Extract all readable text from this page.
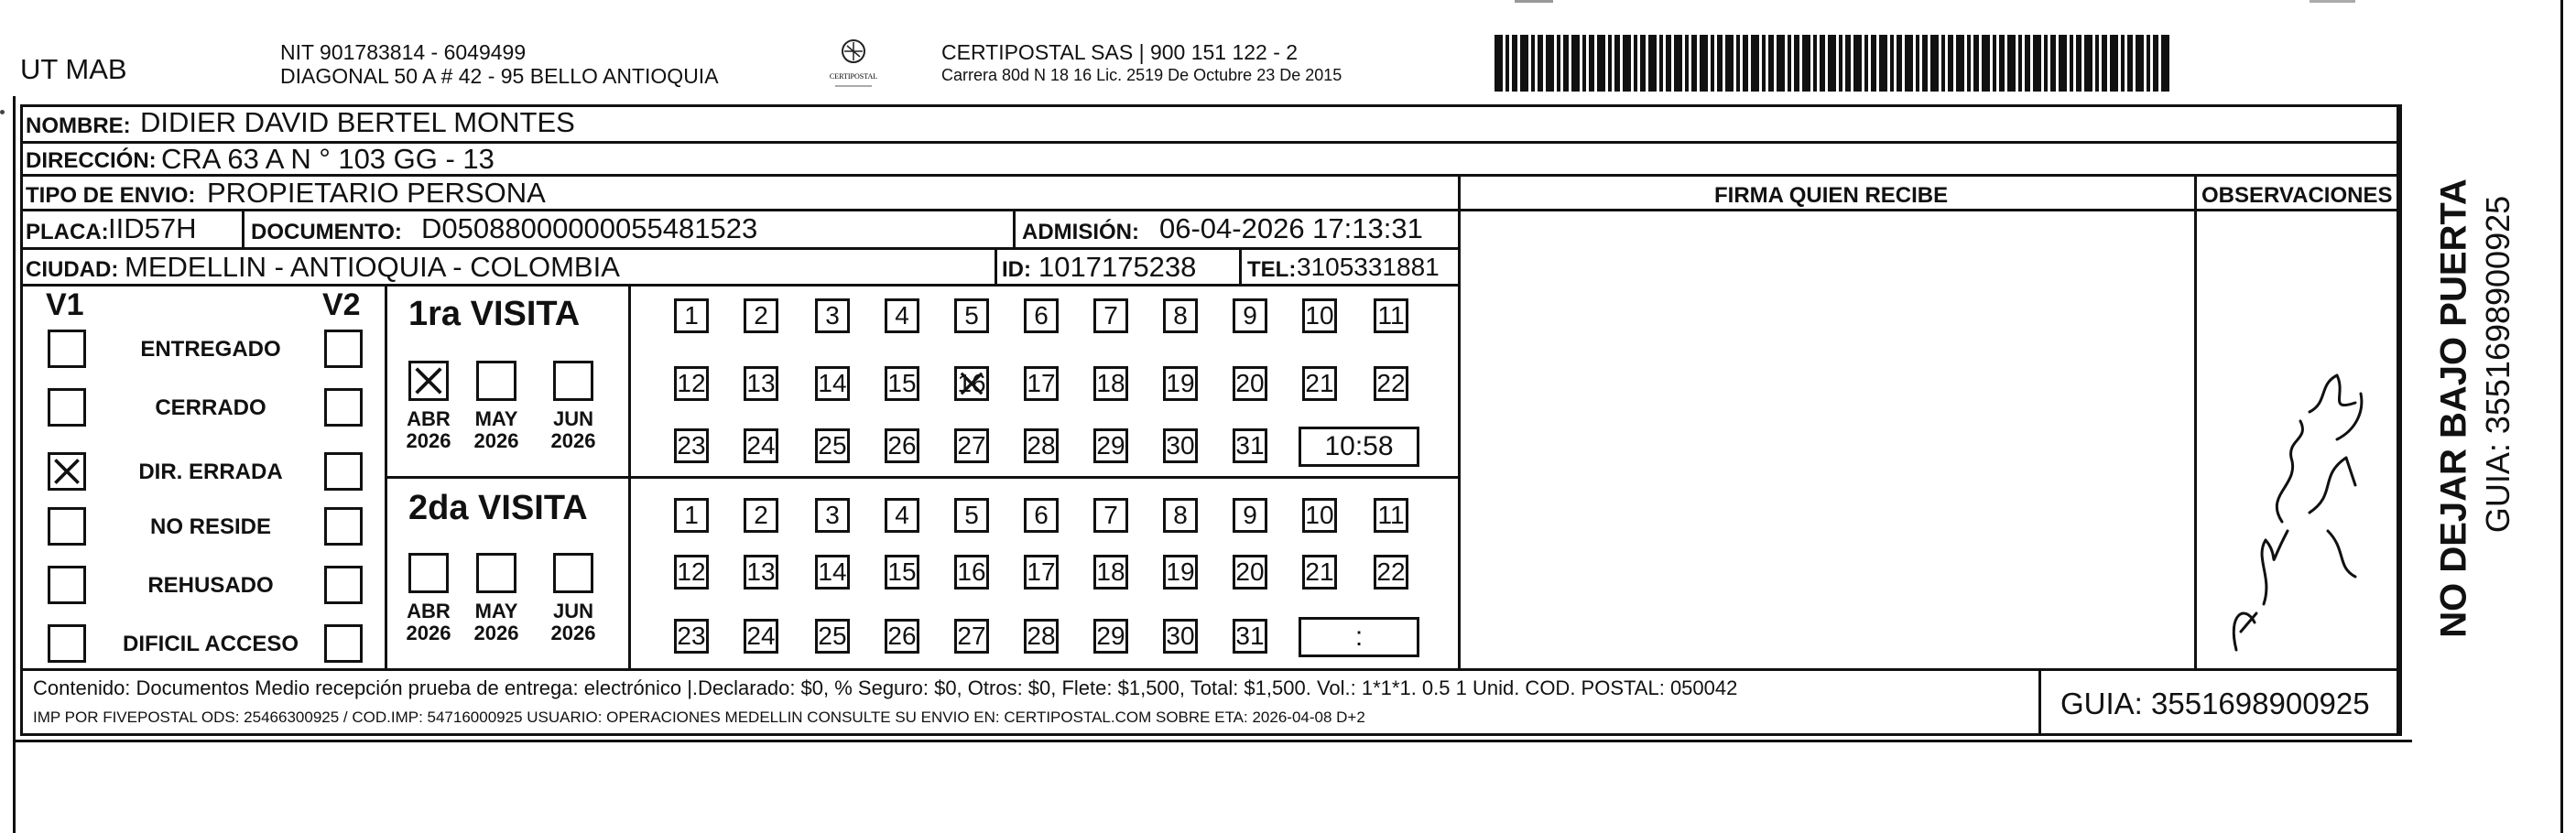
UT MAB
NIT 901783814 - 6049499
DIAGONAL 50 A # 42 - 95 BELLO ANTIOQUIA	CERTIPOSTAL
CERTIPOSTAL SAS | 900 151 122 - 2
Carrera 80d N 18 16 Lic. 2519 De Octubre 23 De 2015
NOMBRE: DIDIER DAVID BERTEL MONTES
DIRECCIÓN: CRA 63 A N ° 103 GG - 13
TIPO DE ENVIO: PROPIETARIO PERSONA	FIRMA QUIEN RECIBE	OBSERVACIONES
PLACA: IID57H DOCUMENTO: D05088000000055481523	ADMISIÓN: 06-04-2026 17:13:31
CIUDAD: MEDELLIN - ANTIOQUIA - COLOMBIA	ID: 1017175238 TEL: 3105331881
V1	V2
ENTREGADO
CERRADO
DIR. ERRADA
NO RESIDE
REHUSADO
DIFICIL ACCESO
1ra VISITA
ABR
2026
MAY
2026
JUN
2026
1	2	3	4	5	6	7	8	9	10 11
12 13 14 15 16 17 18 19 20 21 22
23 24 25 26 27 28 29 30 31	10:58
2da VISITA
ABR
2026
MAY
2026
JUN
2026
1	2	3	4	5	6	7	8	9	10 11
12 13 14 15 16 17 18 19 20 21 22
23 24 25 26 27 28 29 30 31	:
Contenido: Documentos Medio recepción prueba de entrega: electrónico |.Declarado: $0, % Seguro: $0, Otros: $0, Flete: $1,500, Total: $1,500. Vol.: 1*1*1. 0.5 1 Unid. COD. POSTAL: 050042
IMP POR FIVEPOSTAL ODS: 25466300925 / COD.IMP: 54716000925 USUARIO: OPERACIONES MEDELLIN CONSULTE SU ENVIO EN: CERTIPOSTAL.COM SOBRE ETA: 2026-04-08 D+2	GUIA: 3551698900925
NO DEJAR BAJO PUERTA GUIA: 3551698900925
